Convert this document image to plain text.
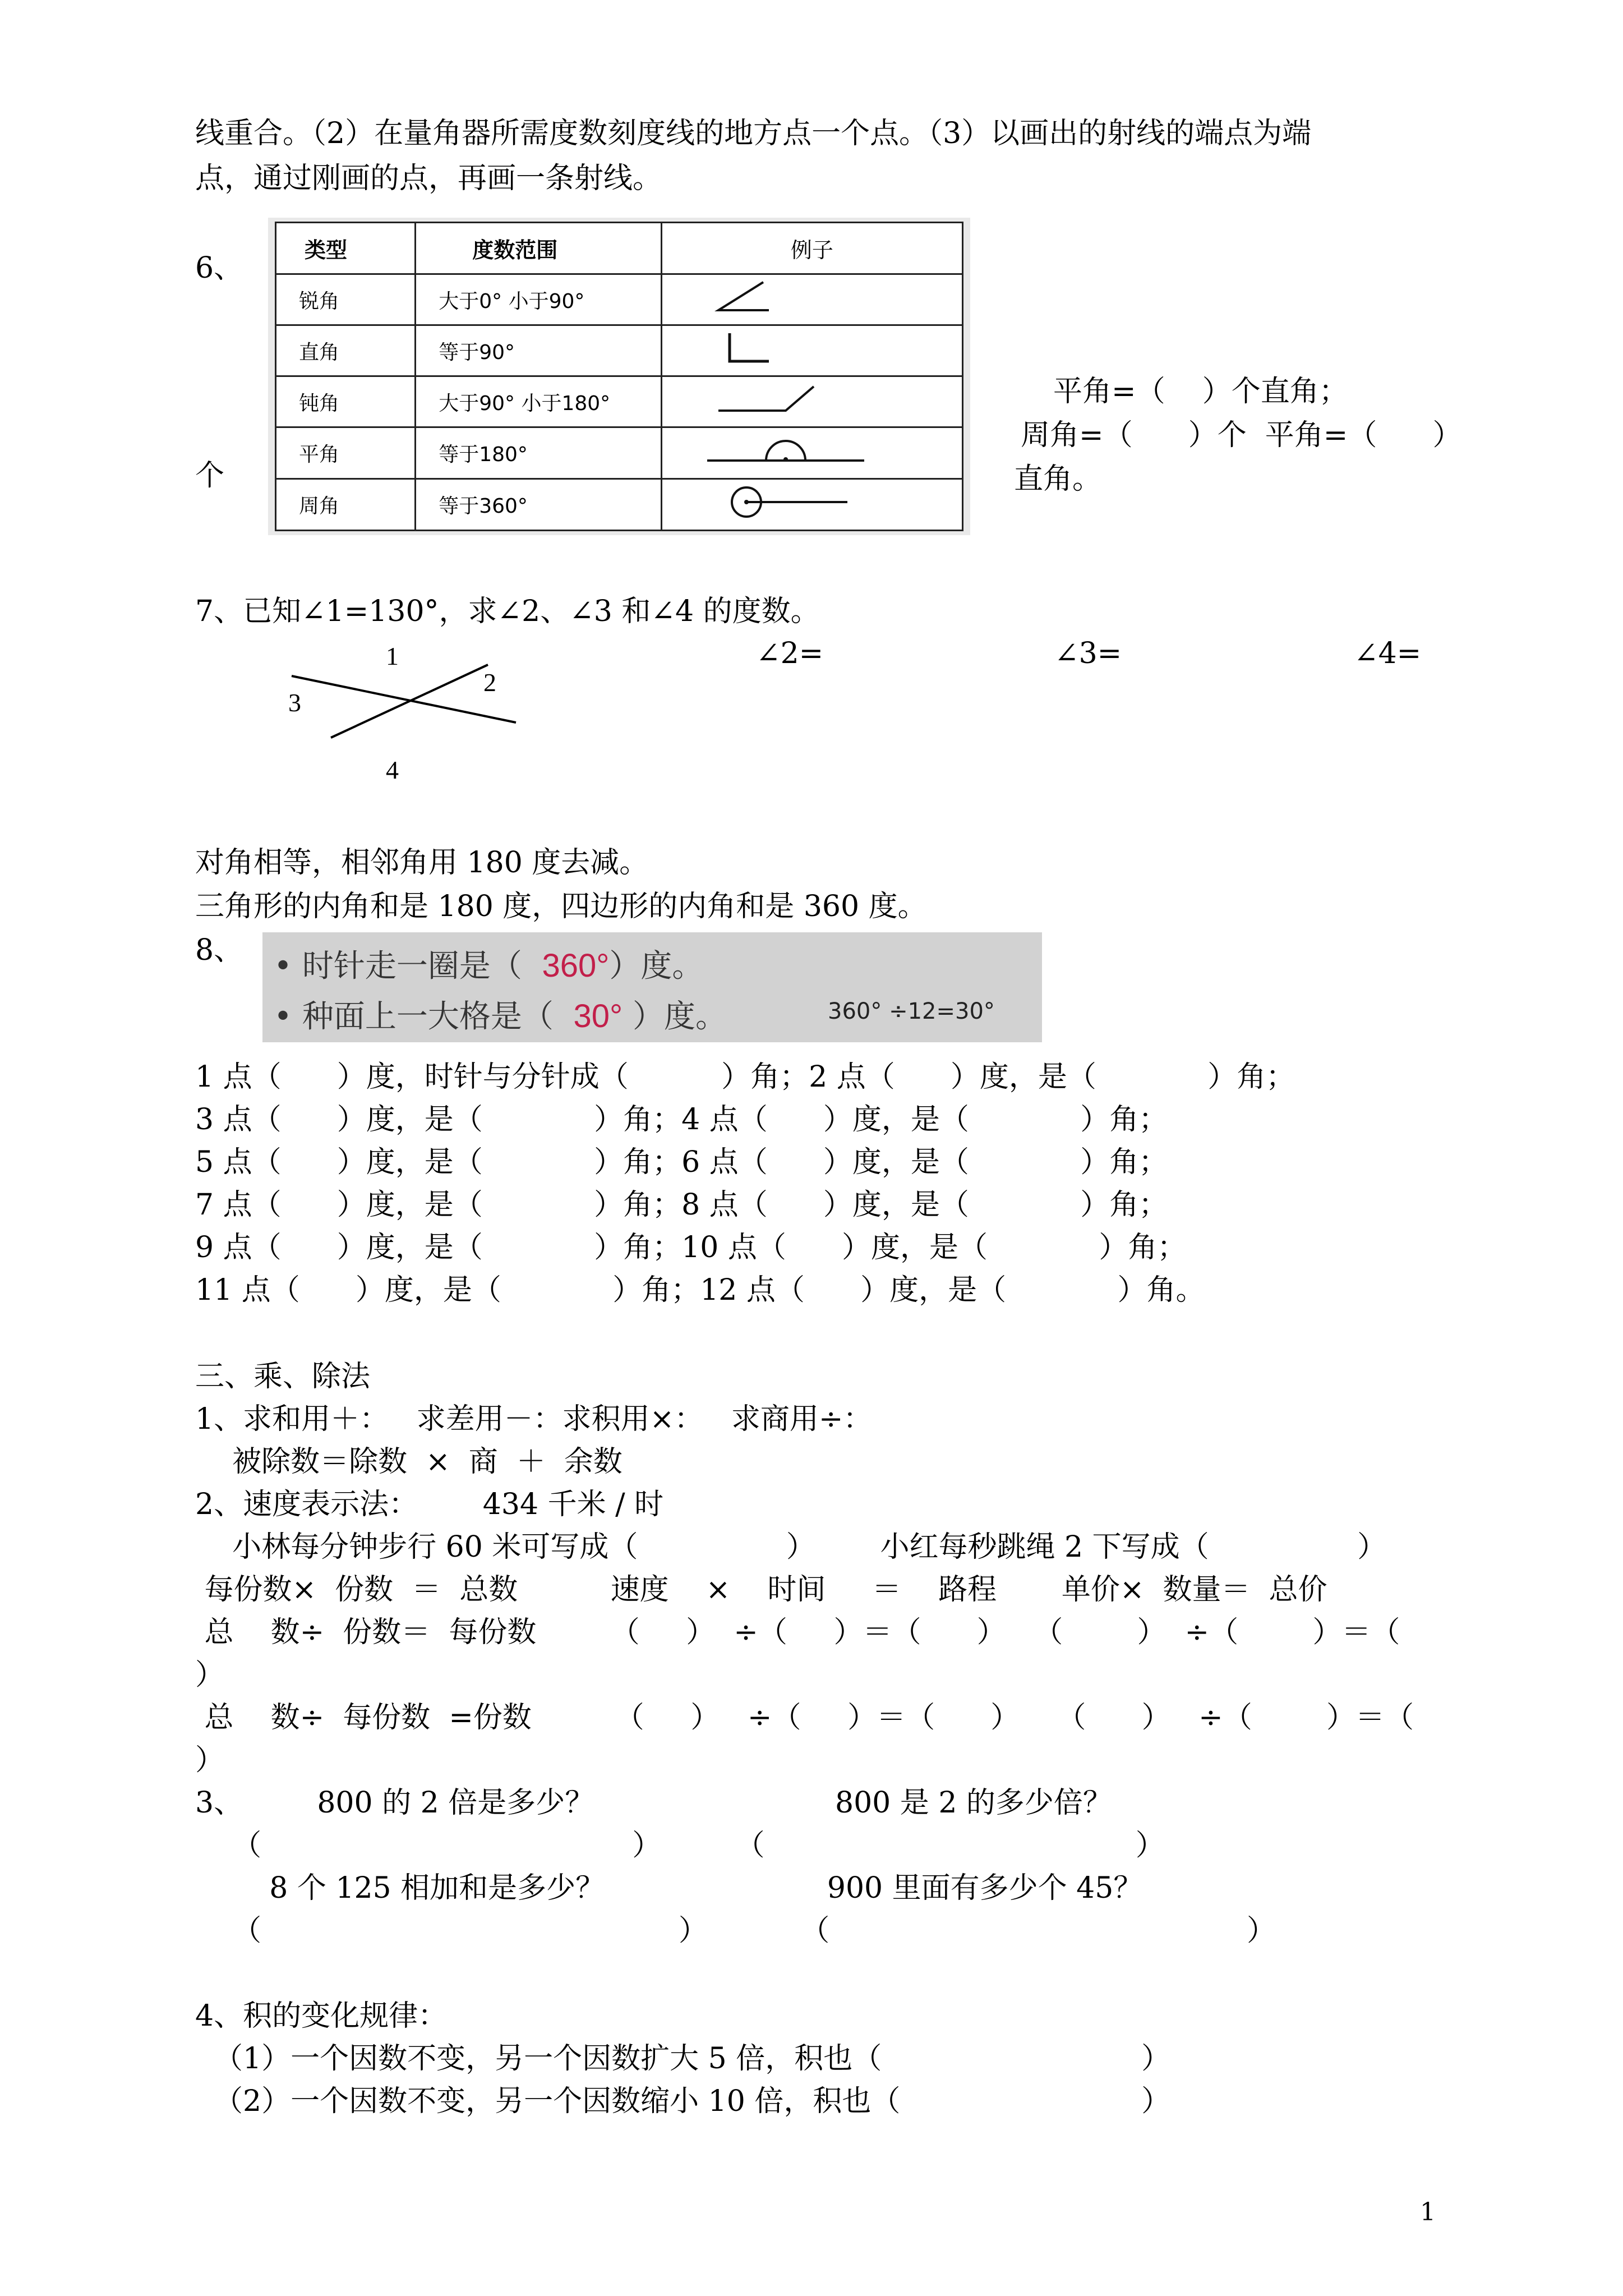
线重合。（2）在量角器所需度数刻度线的地方点一个点。（3）以画出的射线的端点为端
点，通过刚画的点，再画一条射线。
6、
个
类型	度数范围	例子
锐角	大于0° 小于90°	
直角	等于90°	
钝角	大于90° 小于180°	
平角	等于180°	
周角	等于360°	
平角=（    ）个直角；
周角=（      ）个  平角=（      ）
直角。
7、已知∠1=130°，求∠2、∠3 和∠4 的度数。
∠2=	∠3=	∠4=
1
2
3
4
对角相等，相邻角用 180 度去减。
三角形的内角和是 180 度，四边形的内角和是 360 度。
8、 • 时针走一圈是（  360°）度。
• 种面上一大格是（  30° ）度。	360° ÷12=30°
1 点（      ）度，时针与分针成（          ）角；2 点（      ）度，是（            ）角；
3 点（      ）度，是（            ）角；4 点（      ）度，是（            ）角；
5 点（      ）度，是（            ）角；6 点（      ）度，是（            ）角；
7 点（      ）度，是（            ）角；8 点（      ）度，是（            ）角；
9 点（      ）度，是（            ）角；10 点（      ）度，是（            ）角；
11 点（      ）度，是（            ）角；12 点（      ）度，是（            ）角。
三、乘、除法
1、求和用＋：   求差用－：求积用×：   求商用÷：
被除数＝除数  ×  商  ＋  余数
2、速度表示法：       434 千米 / 时
小林每分钟步行 60 米可写成（                ）       小红每秒跳绳 2 下写成（                ）
每份数×  份数  ＝  总数          速度    ×    时间     ＝    路程       单价×  数量＝  总价
总    数÷  份数＝  每份数        （     ）  ÷（     ）＝（      ）   （        ）  ÷（        ）＝（
）
总    数÷  每份数  =份数         （     ）   ÷（     ）＝（      ）    （      ）   ÷（        ）＝（
）
3、        800 的 2 倍是多少？                          800 是 2 的多少倍？
（                                        ）        （                                        ）
8 个 125 相加和是多少？                        900 里面有多少个 45？
（                                             ）          （                                             ）
4、积的变化规律：
（1）一个因数不变，另一个因数扩大 5 倍，积也（                            ）
（2）一个因数不变，另一个因数缩小 10 倍，积也（                          ）
1
